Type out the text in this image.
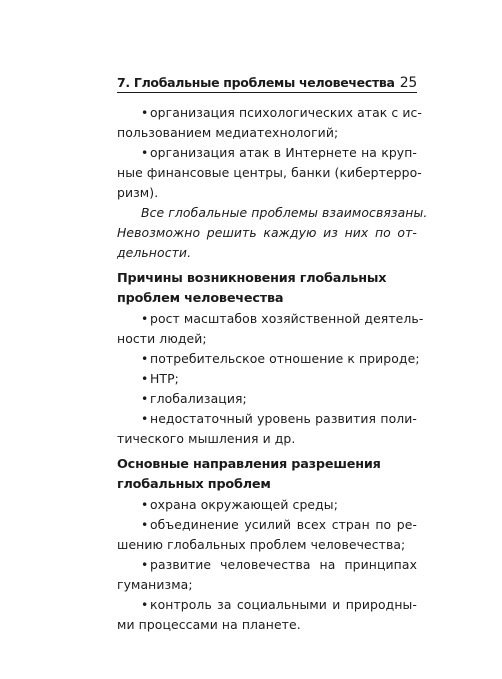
7. Глобальные проблемы человечества 25
• организация психологических атак с ис-
пользованием медиатехнологий;
• организация атак в Интернете на круп-
ные финансовые центры, банки (кибертерро-
ризм).
Все глобальные проблемы взаимосвязаны.
Невозможно решить каждую из них по от-
дельности.
Причины возникновения глобальных
проблем человечества
• рост масштабов хозяйственной деятель-
ности людей;
• потребительское отношение к природе;
• НТР;
• глобализация;
• недостаточный уровень развития поли-
тического мышления и др.
Основные направления разрешения
глобальных проблем
• охрана окружающей среды;
• объединение усилий всех стран по ре-
шению глобальных проблем человечества;
• развитие человечества на принципах
гуманизма;
• контроль за социальными и природны-
ми процессами на планете.
